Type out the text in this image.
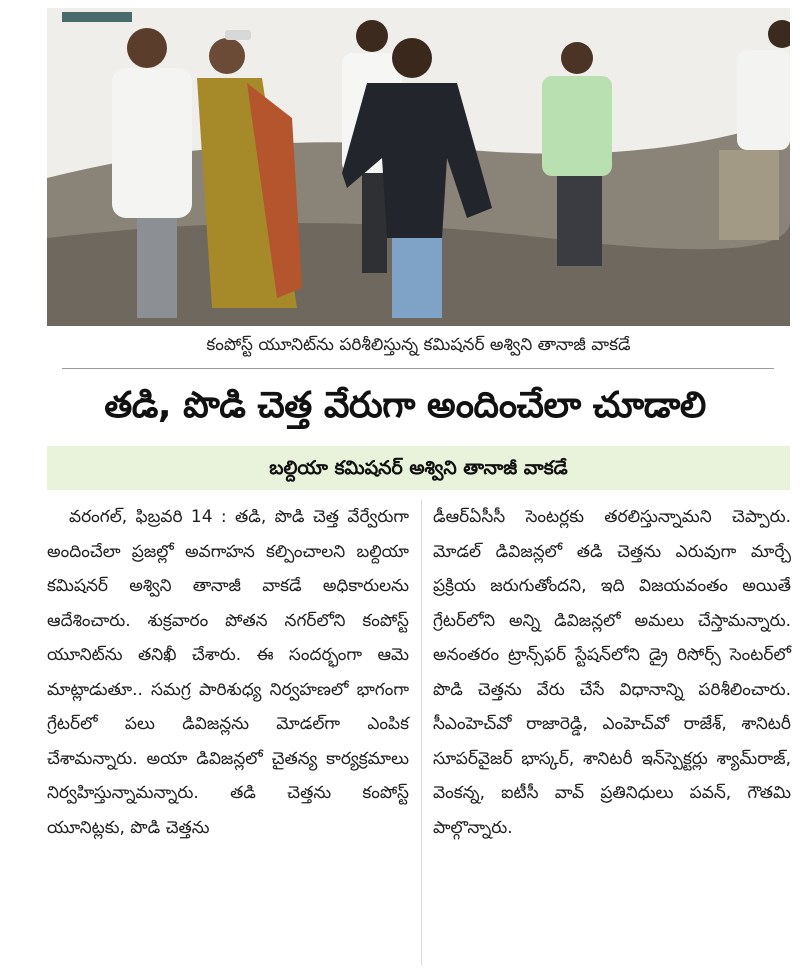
కంపోస్ట్ యూనిట్‌ను పరిశీలిస్తున్న కమిషనర్ అశ్విని తానాజీ వాకడే
తడి, పొడి చెత్త వేరుగా అందించేలా చూడాలి
బల్దియా కమిషనర్ అశ్విని తానాజీ వాకడే
వరంగల్, ఫిబ్రవరి 14 : తడి, పొడి చెత్త వేర్వేరుగా అందించేలా ప్రజల్లో అవగాహన కల్పించాలని బల్దియా కమిషనర్ అశ్విని తానాజీ వాకడే అధికారులను ఆదేశించారు. శుక్రవారం పోతన నగర్‌లోని కంపోస్ట్ యూనిట్‌ను తనిఖీ చేశారు. ఈ సందర్భంగా ఆమె మాట్లాడుతూ.. సమగ్ర పారిశుధ్య నిర్వహణలో భాగంగా గ్రేటర్‌లో పలు డివిజన్లను మోడల్‌గా ఎంపిక చేశామన్నారు. అయా డివిజన్లలో చైతన్య కార్యక్రమాలు నిర్వహిస్తున్నామన్నారు. తడి చెత్తను కంపోస్ట్ యూనిట్లకు, పొడి చెత్తను
డీఆర్‌ఏసీసీ సెంటర్లకు తరలిస్తున్నామని చెప్పారు. మోడల్ డివిజన్లలో తడి చెత్తను ఎరువుగా మార్చే ప్రక్రియ జరుగుతోందని, ఇది విజయవంతం అయితే గ్రేటర్‌లోని అన్ని డివిజన్లలో అమలు చేస్తామన్నారు. అనంతరం ట్రాన్స్‌ఫర్ స్టేషన్‌లోని డ్రై రిసోర్స్ సెంటర్‌లో పొడి చెత్తను వేరు చేసే విధానాన్ని పరిశీలించారు. సీఎంహెచ్‌వో రాజారెడ్డి, ఎంహెచ్‌వో రాజేశ్, శానిటరీ సూపర్‌వైజర్ భాస్కర్, శానిటరీ ఇన్‌స్పెక్టర్లు శ్యామ్‌రాజ్, వెంకన్న, ఐటీసీ వావ్ ప్రతినిధులు పవన్, గౌతమి పాల్గొన్నారు.
